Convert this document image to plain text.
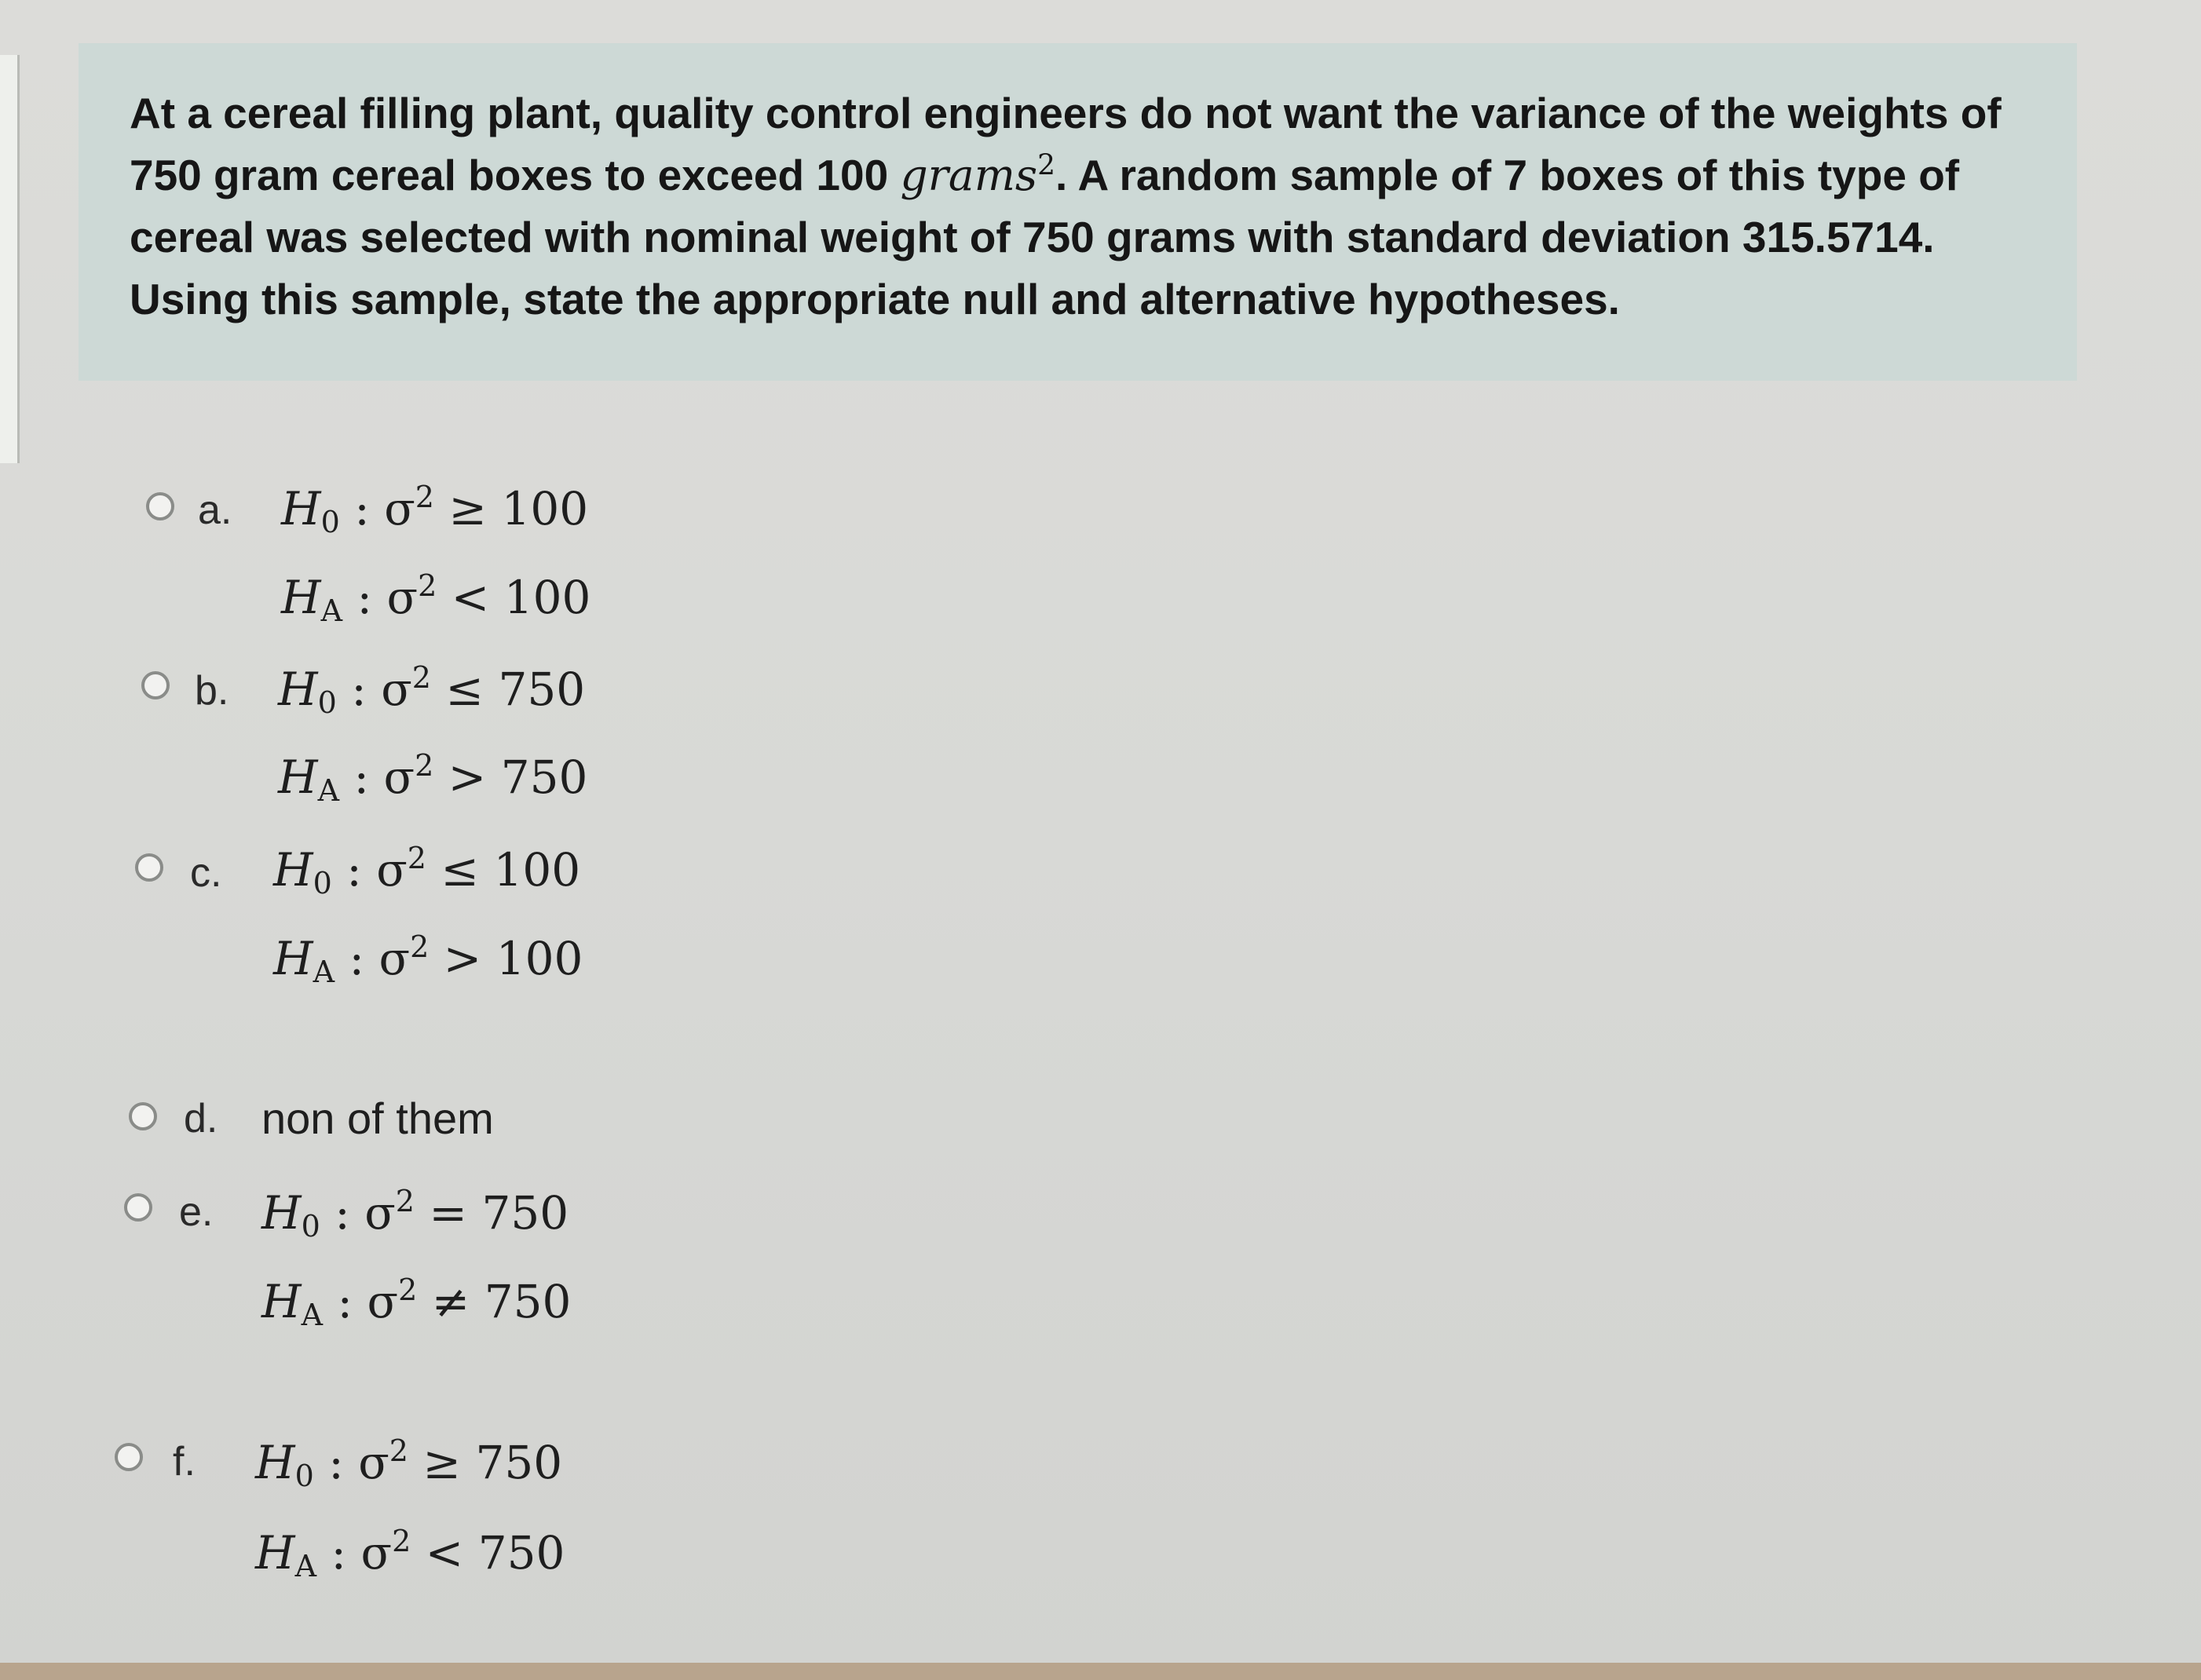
At a cereal filling plant, quality control engineers do not want the variance of the weights of 750 gram cereal boxes to exceed 100 grams$^2$. A random sample of 7 boxes of this type of cereal was selected with nominal weight of 750 grams with standard deviation 315.5714. Using this sample, state the appropriate null and alternative hypotheses.

a. $H_0$ : $\sigma^2 \ge 100$
$H_A$ : $\sigma^2 < 100$
b. $H_0$ : $\sigma^2 \le 750$
$H_A$ : $\sigma^2 > 750$
c. $H_0$ : $\sigma^2 \le 100$
$H_A$ : $\sigma^2 > 100$
d. non of them
e. $H_0$ : $\sigma^2 = 750$
$H_A$ : $\sigma^2 \ne 750$
f. $H_0$ : $\sigma^2 \ge 750$
$H_A$ : $\sigma^2 < 750$
